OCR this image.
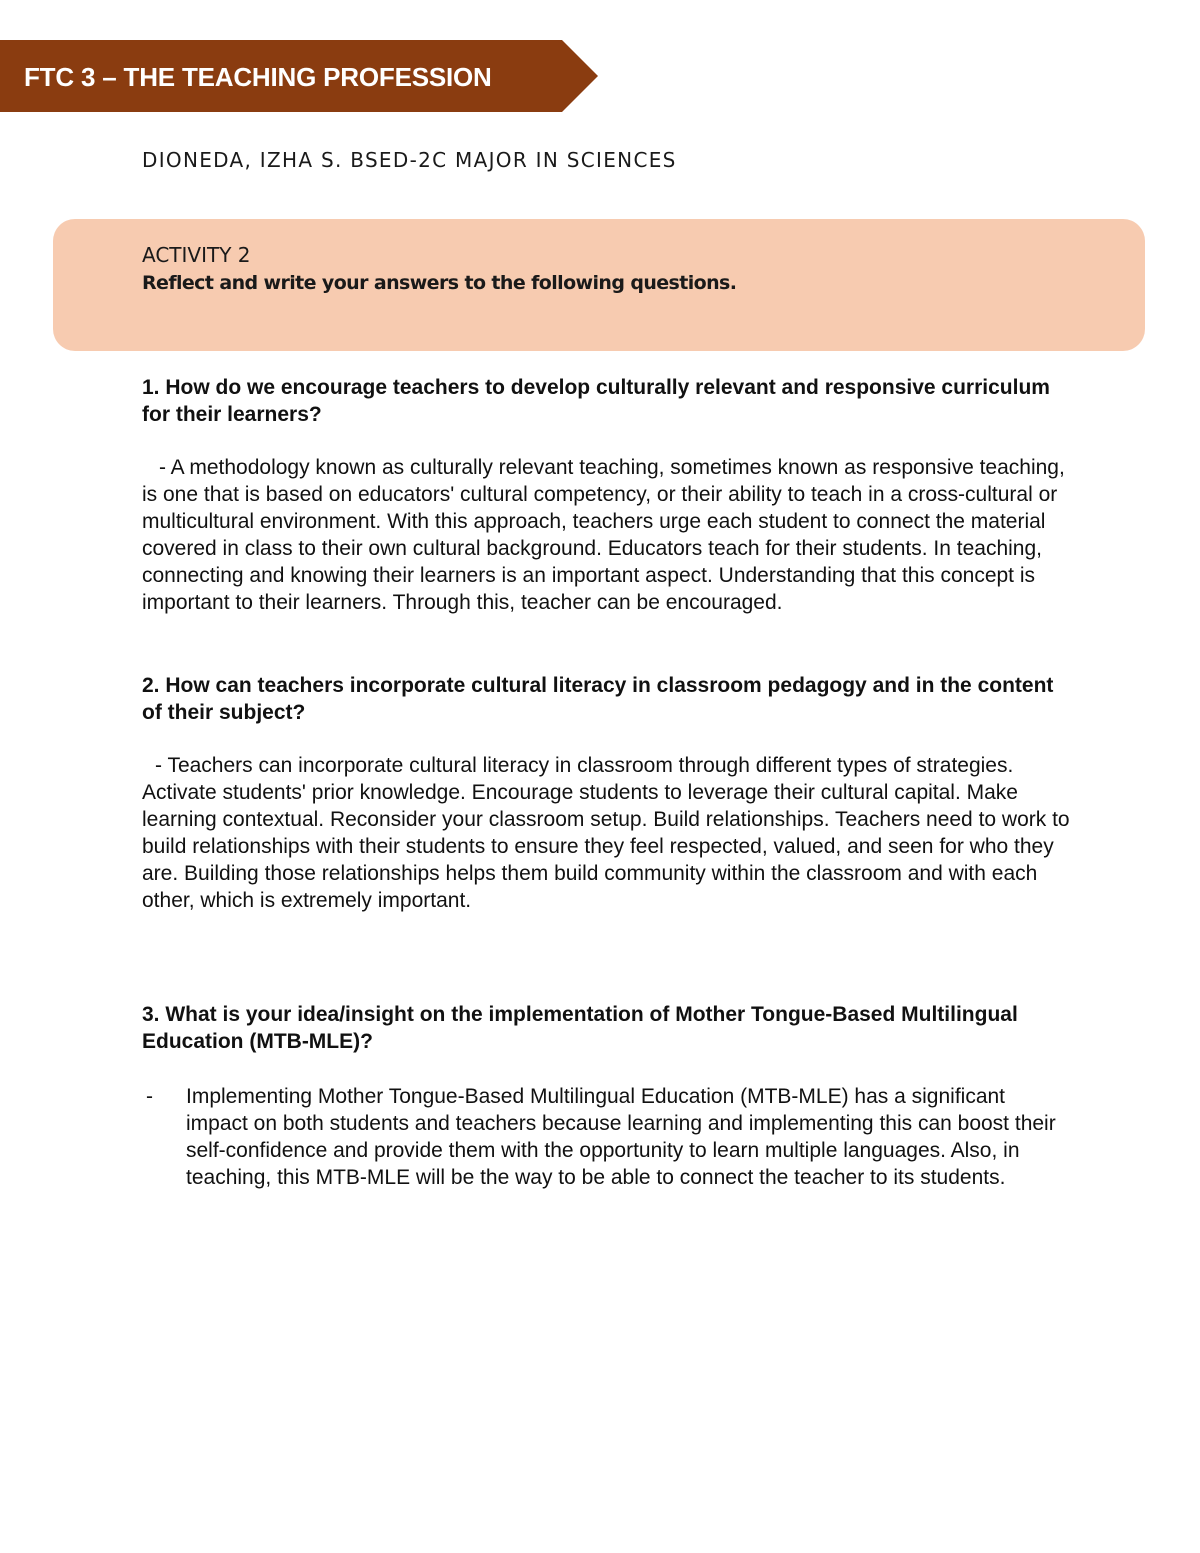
FTC 3 – THE TEACHING PROFESSION
DIONEDA, IZHA S. BSED-2C MAJOR IN SCIENCES
ACTIVITY 2
Reflect and write your answers to the following questions.

1. How do we encourage teachers to develop culturally relevant and responsive curriculum for their learners?

- A methodology known as culturally relevant teaching, sometimes known as responsive teaching, is one that is based on educators' cultural competency, or their ability to teach in a cross-cultural or multicultural environment. With this approach, teachers urge each student to connect the material covered in class to their own cultural background. Educators teach for their students. In teaching, connecting and knowing their learners is an important aspect. Understanding that this concept is important to their learners. Through this, teacher can be encouraged.

2. How can teachers incorporate cultural literacy in classroom pedagogy and in the content of their subject?

- Teachers can incorporate cultural literacy in classroom through different types of strategies. Activate students' prior knowledge. Encourage students to leverage their cultural capital. Make learning contextual. Reconsider your classroom setup. Build relationships. Teachers need to work to build relationships with their students to ensure they feel respected, valued, and seen for who they are. Building those relationships helps them build community within the classroom and with each other, which is extremely important.

3. What is your idea/insight on the implementation of Mother Tongue-Based Multilingual Education (MTB-MLE)?

- Implementing Mother Tongue-Based Multilingual Education (MTB-MLE) has a significant impact on both students and teachers because learning and implementing this can boost their self-confidence and provide them with the opportunity to learn multiple languages. Also, in teaching, this MTB-MLE will be the way to be able to connect the teacher to its students.
